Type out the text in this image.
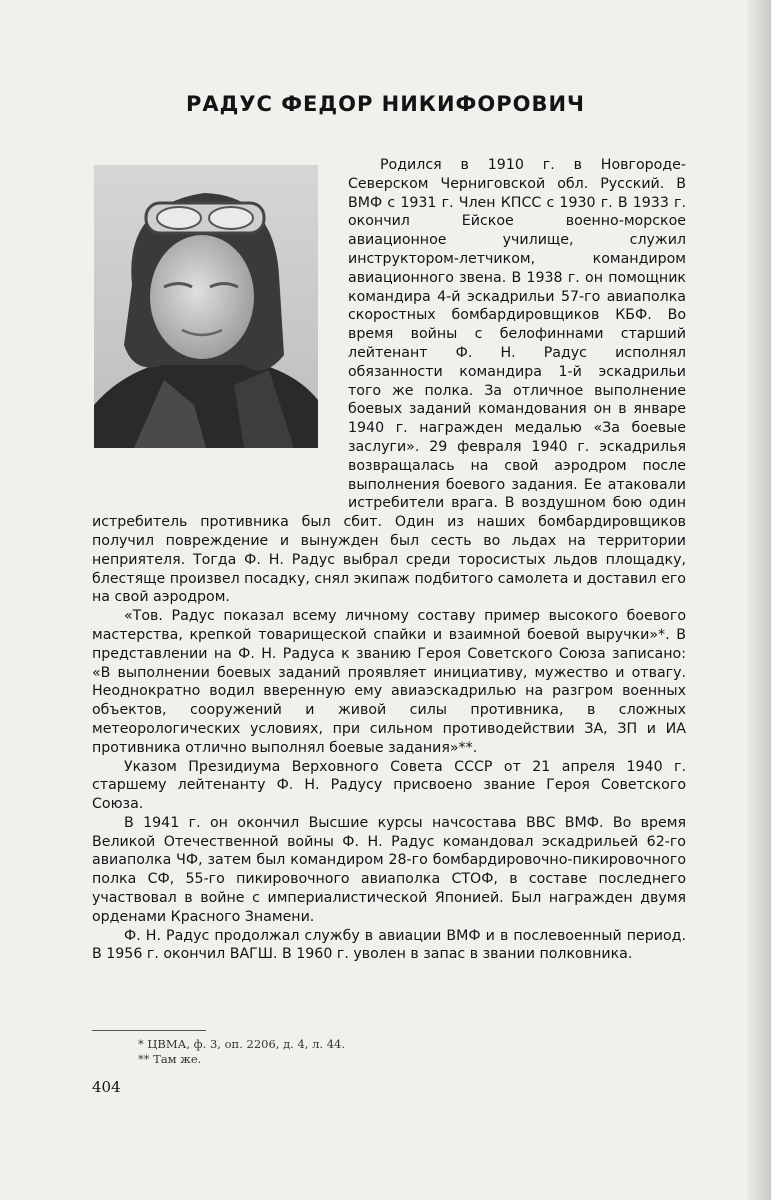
РАДУС ФЕДОР НИКИФОРОВИЧ

Родился в 1910 г. в Новгороде-Северском Черниговской обл. Русский. В ВМФ с 1931 г. Член КПСС с 1930 г. В 1933 г. окончил Ейское военно-морское авиационное училище, служил инструктором-летчиком, командиром авиационного звена. В 1938 г. он помощник командира 4-й эскадрильи 57-го авиаполка скоростных бомбардировщиков КБФ. Во время войны с белофиннами старший лейтенант Ф. Н. Радус исполнял обязанности командира 1-й эскадрильи того же полка. За отличное выполнение боевых заданий командования он в январе 1940 г. награжден медалью «За боевые заслуги». 29 февраля 1940 г. эскадрилья возвращалась на свой аэродром после выполнения боевого задания. Ее атаковали истребители врага. В воздушном бою один истребитель противника был сбит. Один из наших бомбардировщиков получил повреждение и вынужден был сесть во льдах на территории неприятеля. Тогда Ф. Н. Радус выбрал среди торосистых льдов площадку, блестяще произвел посадку, снял экипаж подбитого самолета и доставил его на свой аэродром.

«Тов. Радус показал всему личному составу пример высокого боевого мастерства, крепкой товарищеской спайки и взаимной боевой выручки»*. В представлении на Ф. Н. Радуса к званию Героя Советского Союза записано: «В выполнении боевых заданий проявляет инициативу, мужество и отвагу. Неоднократно водил вверенную ему авиаэскадрилью на разгром военных объектов, сооружений и живой силы противника, в сложных метеорологических условиях, при сильном противодействии ЗА, ЗП и ИА противника отлично выполнял боевые задания»**.

Указом Президиума Верховного Совета СССР от 21 апреля 1940 г. старшему лейтенанту Ф. Н. Радусу присвоено звание Героя Советского Союза.

В 1941 г. он окончил Высшие курсы начсостава ВВС ВМФ. Во время Великой Отечественной войны Ф. Н. Радус командовал эскадрильей 62-го авиаполка ЧФ, затем был командиром 28-го бомбардировочно-пикировочного полка СФ, 55-го пикировочного авиаполка СТОФ, в составе последнего участвовал в войне с империалистической Японией. Был награжден двумя орденами Красного Знамени.

Ф. Н. Радус продолжал службу в авиации ВМФ и в послевоенный период. В 1956 г. окончил ВАГШ. В 1960 г. уволен в запас в звании полковника.

* ЦВМА, ф. 3, оп. 2206, д. 4, л. 44.
** Там же.
404
